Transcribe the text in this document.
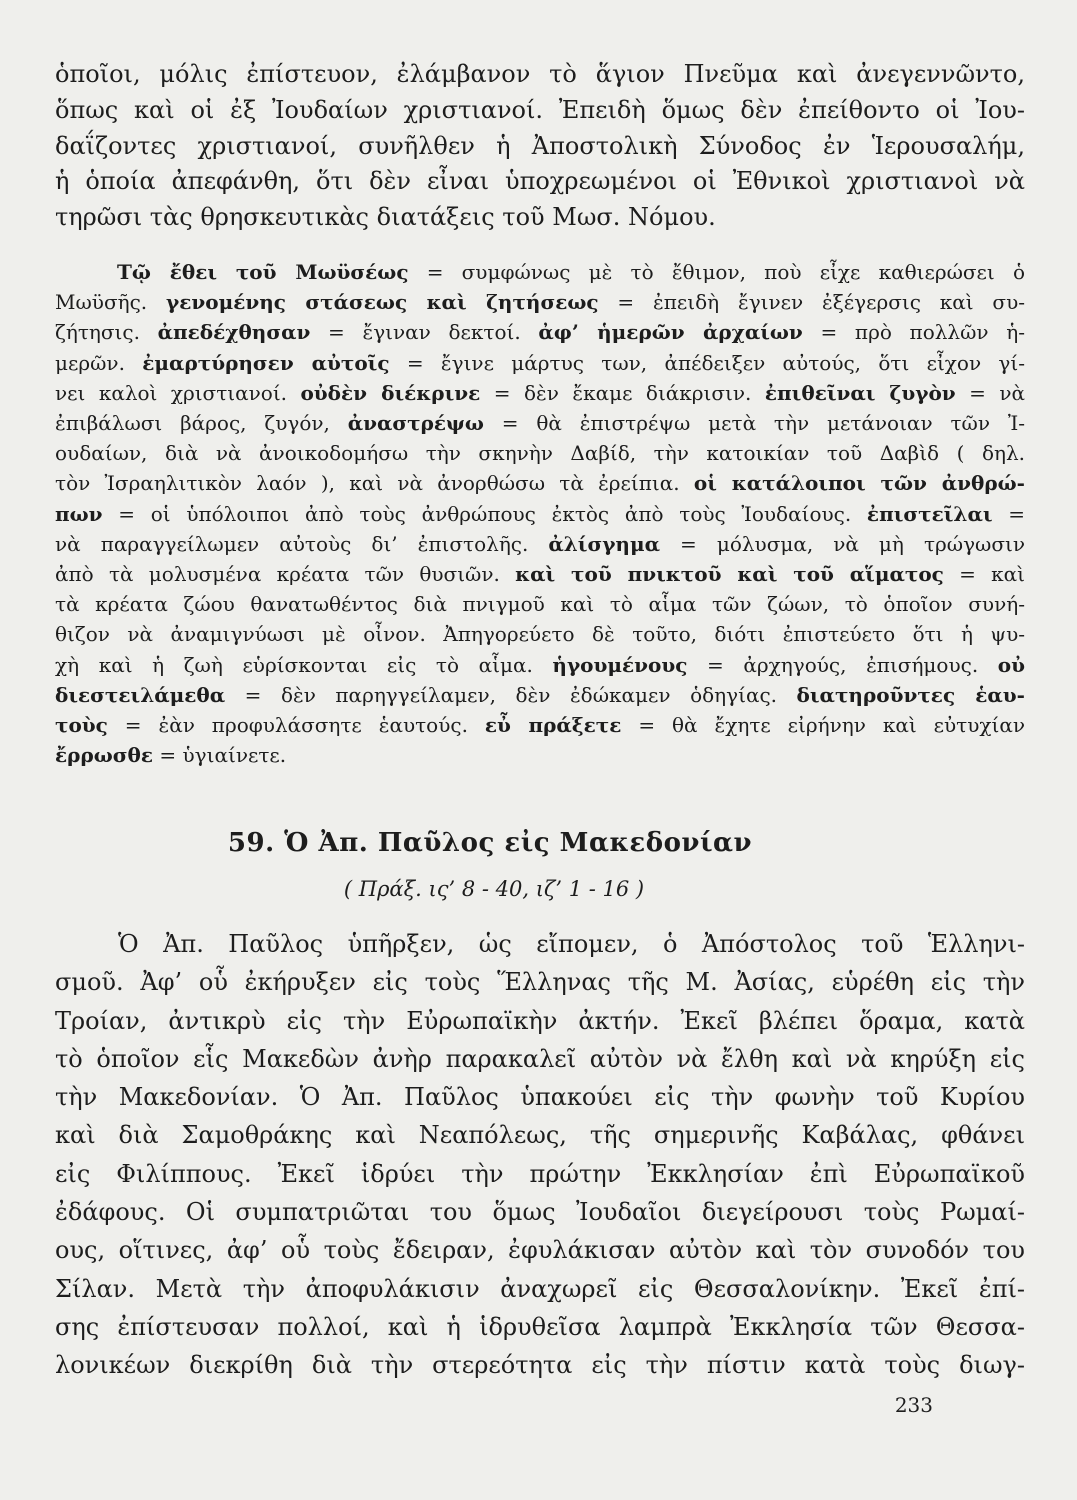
ὁποῖοι, μόλις ἐπίστευον, ἐλάμβανον τὸ ἅγιον Πνεῦμα καὶ ἀνεγεννῶντο,
ὅπως καὶ οἱ ἐξ Ἰουδαίων χριστιανοί. Ἐπειδὴ ὅμως δὲν ἐπείθοντο οἱ Ἰου-
δαΐζοντες χριστιανοί, συνῆλθεν ἡ Ἀποστολικὴ Σύνοδος ἐν Ἱερουσαλήμ,
ἡ ὁποία ἀπεφάνθη, ὅτι δὲν εἶναι ὑποχρεωμένοι οἱ Ἐθνικοὶ χριστιανοὶ νὰ
τηρῶσι τὰς θρησκευτικὰς διατάξεις τοῦ Μωσ. Νόμου.
Τῷ ἔθει τοῦ Μωϋσέως = συμφώνως μὲ τὸ ἔθιμον, ποὺ εἶχε καθιερώσει ὁ
Μωϋσῆς. γενομένης στάσεως καὶ ζητήσεως = ἐπειδὴ ἔγινεν ἐξέγερσις καὶ συ-
ζήτησις. ἀπεδέχθησαν = ἔγιναν δεκτοί. ἀφ’ ἡμερῶν ἀρχαίων = πρὸ πολλῶν ἡ-
μερῶν. ἐμαρτύρησεν αὐτοῖς = ἔγινε μάρτυς των, ἀπέδειξεν αὐτούς, ὅτι εἶχον γί-
νει καλοὶ χριστιανοί. οὐδὲν διέκρινε = δὲν ἔκαμε διάκρισιν. ἐπιθεῖναι ζυγὸν = νὰ
ἐπιβάλωσι βάρος, ζυγόν, ἀναστρέψω = θὰ ἐπιστρέψω μετὰ τὴν μετάνοιαν τῶν Ἰ-
ουδαίων, διὰ νὰ ἀνοικοδομήσω τὴν σκηνὴν Δαβίδ, τὴν κατοικίαν τοῦ Δαβὶδ ( δηλ.
τὸν Ἰσραηλιτικὸν λαόν ), καὶ νὰ ἀνορθώσω τὰ ἐρείπια. οἱ κατάλοιποι τῶν ἀνθρώ-
πων = οἱ ὑπόλοιποι ἀπὸ τοὺς ἀνθρώπους ἐκτὸς ἀπὸ τοὺς Ἰουδαίους. ἐπιστεῖλαι =
νὰ παραγγείλωμεν αὐτοὺς δι’ ἐπιστολῆς. ἀλίσγημα = μόλυσμα, νὰ μὴ τρώγωσιν
ἀπὸ τὰ μολυσμένα κρέατα τῶν θυσιῶν. καὶ τοῦ πνικτοῦ καὶ τοῦ αἵματος = καὶ
τὰ κρέατα ζώου θανατωθέντος διὰ πνιγμοῦ καὶ τὸ αἷμα τῶν ζώων, τὸ ὁποῖον συνή-
θιζον νὰ ἀναμιγνύωσι μὲ οἶνον. Ἀπηγορεύετο δὲ τοῦτο, διότι ἐπιστεύετο ὅτι ἡ ψυ-
χὴ καὶ ἡ ζωὴ εὑρίσκονται εἰς τὸ αἷμα. ἡγουμένους = ἀρχηγούς, ἐπισήμους. οὐ
διεστειλάμεθα = δὲν παρηγγείλαμεν, δὲν ἐδώκαμεν ὁδηγίας. διατηροῦντες ἑαυ-
τοὺς = ἐὰν προφυλάσσητε ἑαυτούς. εὖ πράξετε = θὰ ἔχητε εἰρήνην καὶ εὐτυχίαν
ἔρρωσθε = ὑγιαίνετε.
59. Ὁ Ἀπ. Παῦλος εἰς Μακεδονίαν
( Πράξ. ις’ 8 - 40, ιζ’ 1 - 16 )
Ὁ Ἀπ. Παῦλος ὑπῆρξεν, ὡς εἴπομεν, ὁ Ἀπόστολος τοῦ Ἑλληνι-
σμοῦ. Ἀφ’ οὗ ἐκήρυξεν εἰς τοὺς Ἕλληνας τῆς Μ. Ἀσίας, εὑρέθη εἰς τὴν
Τροίαν, ἀντικρὺ εἰς τὴν Εὐρωπαϊκὴν ἀκτήν. Ἐκεῖ βλέπει ὅραμα, κατὰ
τὸ ὁποῖον εἷς Μακεδὼν ἀνὴρ παρακαλεῖ αὐτὸν νὰ ἔλθη καὶ νὰ κηρύξη εἰς
τὴν Μακεδονίαν. Ὁ Ἀπ. Παῦλος ὑπακούει εἰς τὴν φωνὴν τοῦ Κυρίου
καὶ διὰ Σαμοθράκης καὶ Νεαπόλεως, τῆς σημερινῆς Καβάλας, φθάνει
εἰς Φιλίππους. Ἐκεῖ ἱδρύει τὴν πρώτην Ἐκκλησίαν ἐπὶ Εὐρωπαϊκοῦ
ἐδάφους. Οἱ συμπατριῶται του ὅμως Ἰουδαῖοι διεγείρουσι τοὺς Ρωμαί-
ους, οἵτινες, ἀφ’ οὗ τοὺς ἔδειραν, ἐφυλάκισαν αὐτὸν καὶ τὸν συνοδόν του
Σίλαν. Μετὰ τὴν ἀποφυλάκισιν ἀναχωρεῖ εἰς Θεσσαλονίκην. Ἐκεῖ ἐπί-
σης ἐπίστευσαν πολλοί, καὶ ἡ ἱδρυθεῖσα λαμπρὰ Ἐκκλησία τῶν Θεσσα-
λονικέων διεκρίθη διὰ τὴν στερεότητα εἰς τὴν πίστιν κατὰ τοὺς διωγ-
233
